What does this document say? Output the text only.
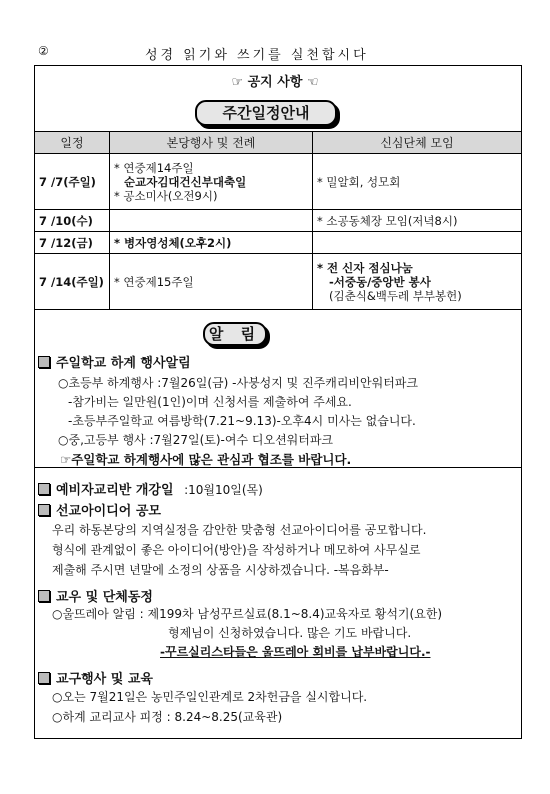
②	성경 읽기와 쓰기를 실천합시다
☞ 공지 사항 ☜
주간일정안내
일정	본당행사 및 전례	신심단체 모임
7 /7(주일)	* 연중제14주일
순교자김대건신부대축일
* 공소미사(오전9시)	* 밀알회, 성모회

7 /10(수)		* 소공동체장 모임(저녁8시)

7 /12(금)	* 병자영성체(오후2시)	

7 /14(주일)	* 연중제15주일	* 전 신자 점심나눔
-서중동/중앙반 봉사
(김춘식&백두레 부부봉헌)
알 림
주일학교 하계 행사알림
○초등부 하계행사 :7월26일(금) -사붕성지 및 진주캐리비안워터파크
-참가비는 일만원(1인)이며 신청서를 제출하여 주세요.
-초등부주일학교 여름방학(7.21~9.13)-오후4시 미사는 없습니다.
○중,고등부 행사 :7월27일(토)-여수 디오션워터파크
☞주일학교 하계행사에 많은 관심과 협조를 바랍니다.
예비자교리반 개강일 :10월10일(목)
선교아이디어 공모
우리 하동본당의 지역실정을 감안한 맞춤형 선교아이디어를 공모합니다.
형식에 관계없이 좋은 아이디어(방안)을 작성하거나 메모하여 사무실로
제출해 주시면 년말에 소정의 상품을 시상하겠습니다. -복음화부-
교우 및 단체동정
○울뜨레아 알림 : 제199차 남성꾸르실료(8.1~8.4)교육자로 황석기(요한)
형제님이 신청하였습니다. 많은 기도 바랍니다.
-꾸르실리스타들은 울뜨레아 회비를 납부바랍니다.-
교구행사 및 교육
○오는 7월21일은 농민주일인관계로 2차헌금을 실시합니다.
○하계 교리교사 피정 : 8.24~8.25(교육관)
